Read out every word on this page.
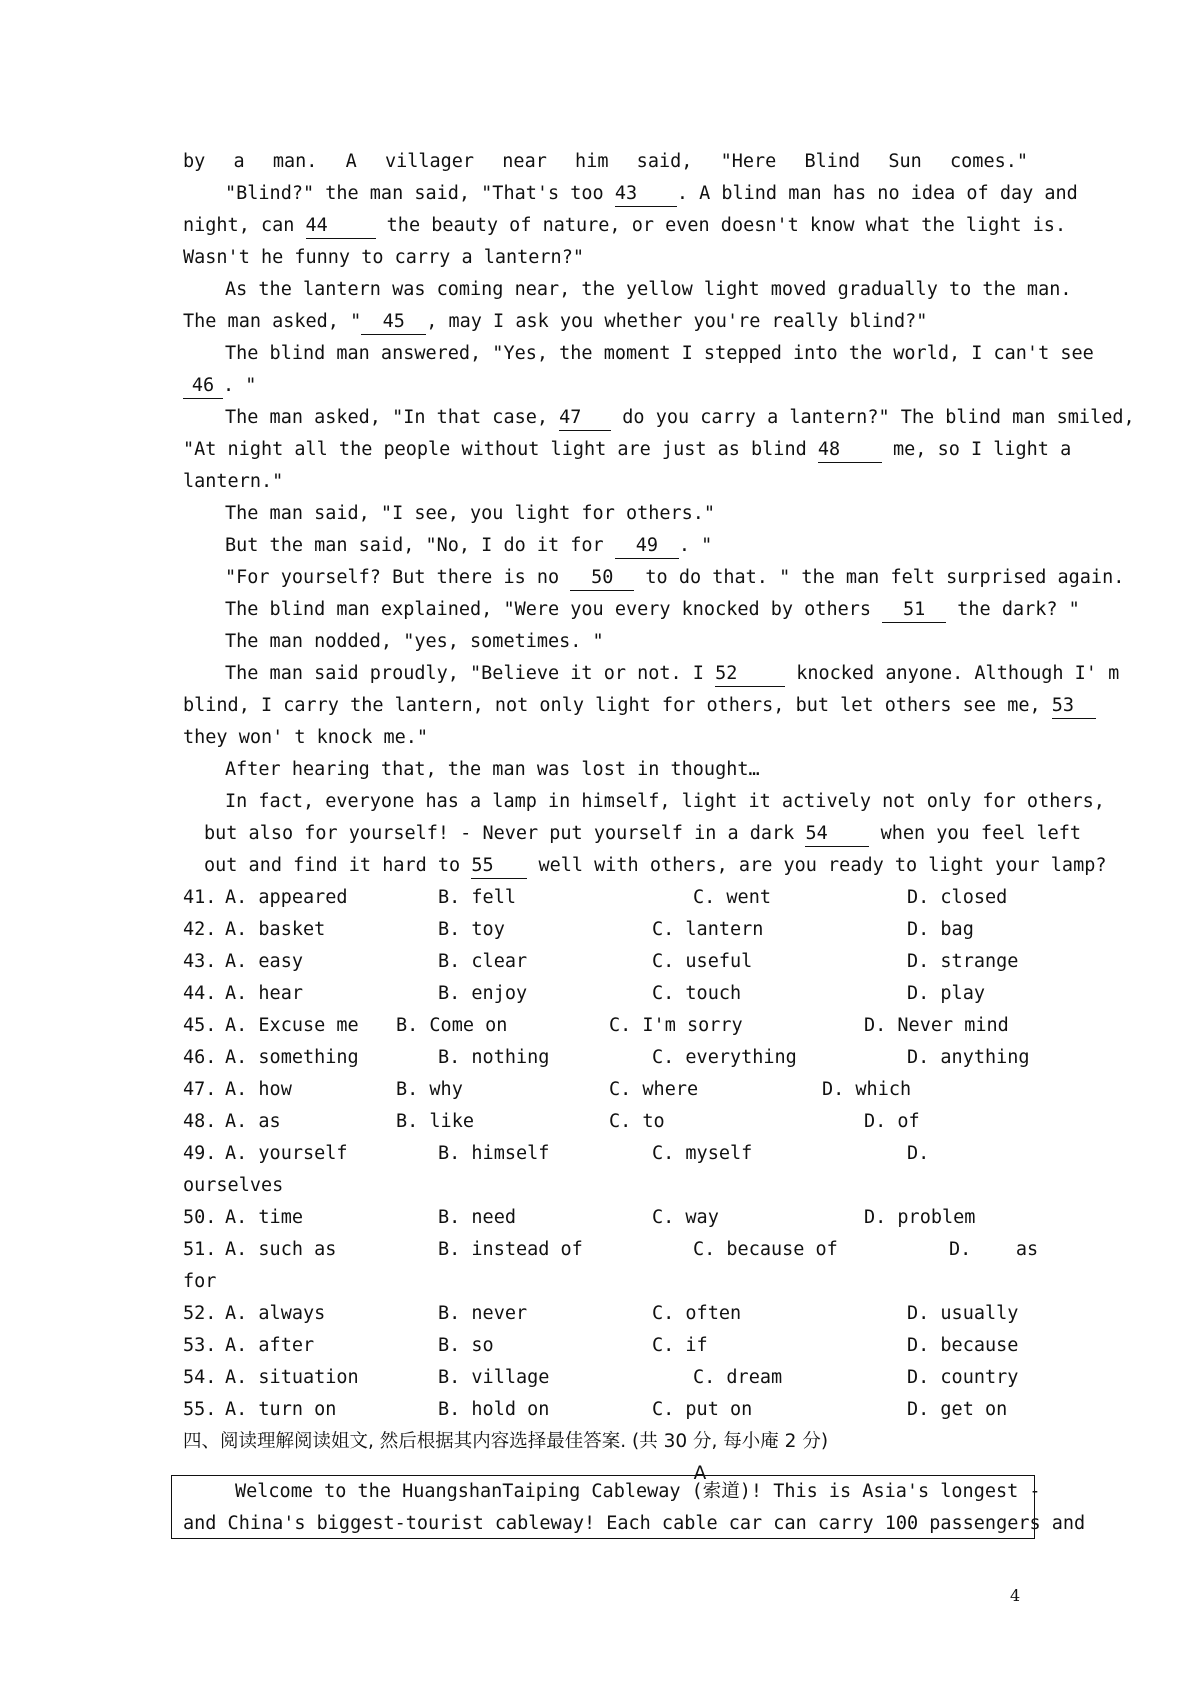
by a man. A villager near him said, "Here Blind Sun comes."
"Blind?" the man said, "That's too 43 . A blind man has no idea of day and
night, can 44	the beauty of nature, or even doesn't know what the light is.
Wasn't he funny to carry a lantern?"
As the lantern was coming near, the yellow light moved gradually to the man.
The man asked, " 45 , may I ask you whether you're really blind?"
The blind man answered, "Yes, the moment I stepped into the world, I can't see
46 . "
The man asked, "In that case, 47 do you carry a lantern?" The blind man smiled,
"At night all the people without light are just as blind 48 me, so I light a
lantern."
The man said, "I see, you light for others."
But the man said, "No, I do it for 49 . "
"For yourself? But there is no 50 to do that. " the man felt surprised again.
The blind man explained, "Were you every knocked by others 51 the dark? "
The man nodded, "yes, sometimes. "
The man said proudly, "Believe it or not. I 52	knocked anyone. Although I' m
blind, I carry the lantern, not only light for others, but let others see me, 53
they won' t knock me."
After hearing that, the man was lost in thought…
In fact, everyone has a lamp in himself, light it actively not only for others,
but also for yourself! - Never put yourself in a dark 54 when you feel left
out and find it hard to 55 well with others, are you ready to light your lamp?
41. A. appeared	B. fell	C. went	D. closed
42. A. basket	B. toy	C. lantern	D. bag
43. A. easy	B. clear	C. useful	D. strange
44. A. hear	B. enjoy	C. touch	D. play
45. A. Excuse me B. Come on	C. I'm sorry	D. Never mind
46. A. something	B. nothing	C. everything	D. anything
47. A. how	B. why	C. where	D. which
48. A. as	B. like	C. to	D. of
49. A. yourself	B. himself	C. myself	D.
ourselves
50. A. time	B. need	C. way	D. problem
51. A. such as	B. instead of	C. because of	D.    as
for
52. A. always	B. never	C. often	D. usually
53. A. after	B. so	C. if	D. because
54. A. situation	B. village	C. dream	D. country
55. A. turn on	B. hold on	C. put on	D. get on
四、阅读理解阅读姐文, 然后根据其内容选择最佳答案. (共 30 分, 每小庵 2 分)
A
Welcome to the HuangshanTaiping Cableway (索道)! This is Asia's longest -
and China's biggest-tourist cableway! Each cable car can carry 100 passengers and
4
